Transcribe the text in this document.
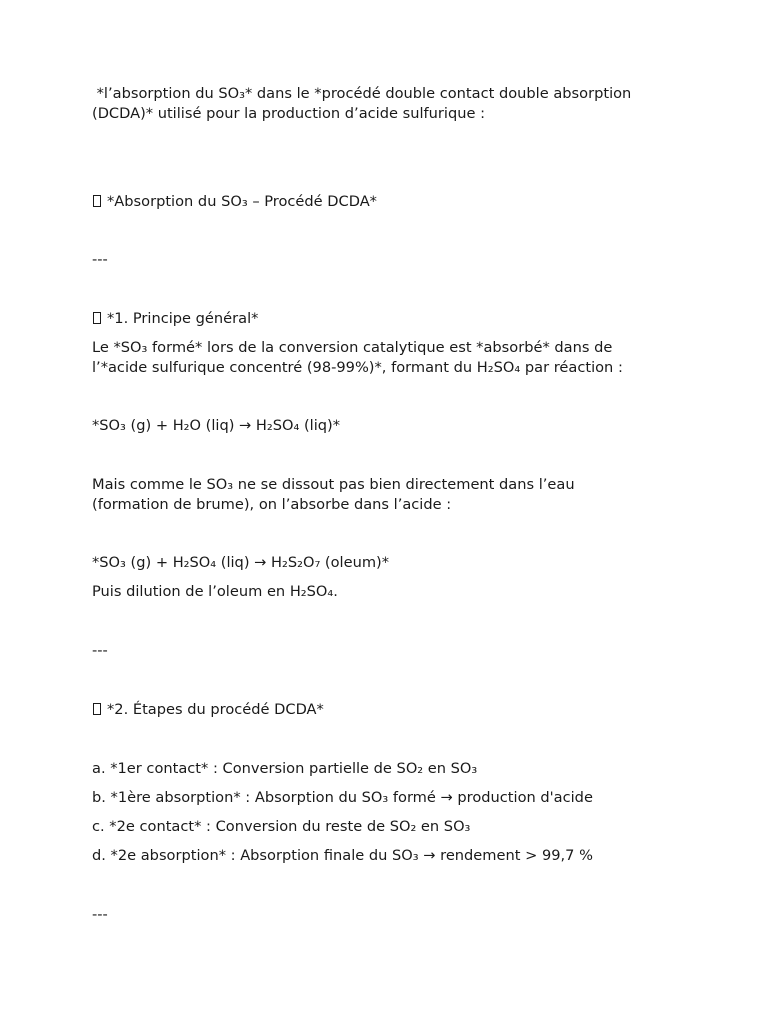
*l’absorption du SO₃* dans le *procédé double contact double absorption

(DCDA)* utilisé pour la production d’acide sulfurique :

*Absorption du SO₃ – Procédé DCDA*

---

*1. Principe général*

Le *SO₃ formé* lors de la conversion catalytique est *absorbé* dans de

l’*acide sulfurique concentré (98-99%)*, formant du H₂SO₄ par réaction :

*SO₃ (g) + H₂O (liq) → H₂SO₄ (liq)*

Mais comme le SO₃ ne se dissout pas bien directement dans l’eau

(formation de brume), on l’absorbe dans l’acide :

*SO₃ (g) + H₂SO₄ (liq) → H₂S₂O₇ (oleum)*

Puis dilution de l’oleum en H₂SO₄.

---

*2. Étapes du procédé DCDA*

a. *1er contact* : Conversion partielle de SO₂ en SO₃

b. *1ère absorption* : Absorption du SO₃ formé → production d'acide

c. *2e contact* : Conversion du reste de SO₂ en SO₃

d. *2e absorption* : Absorption finale du SO₃ → rendement > 99,7 %

---
